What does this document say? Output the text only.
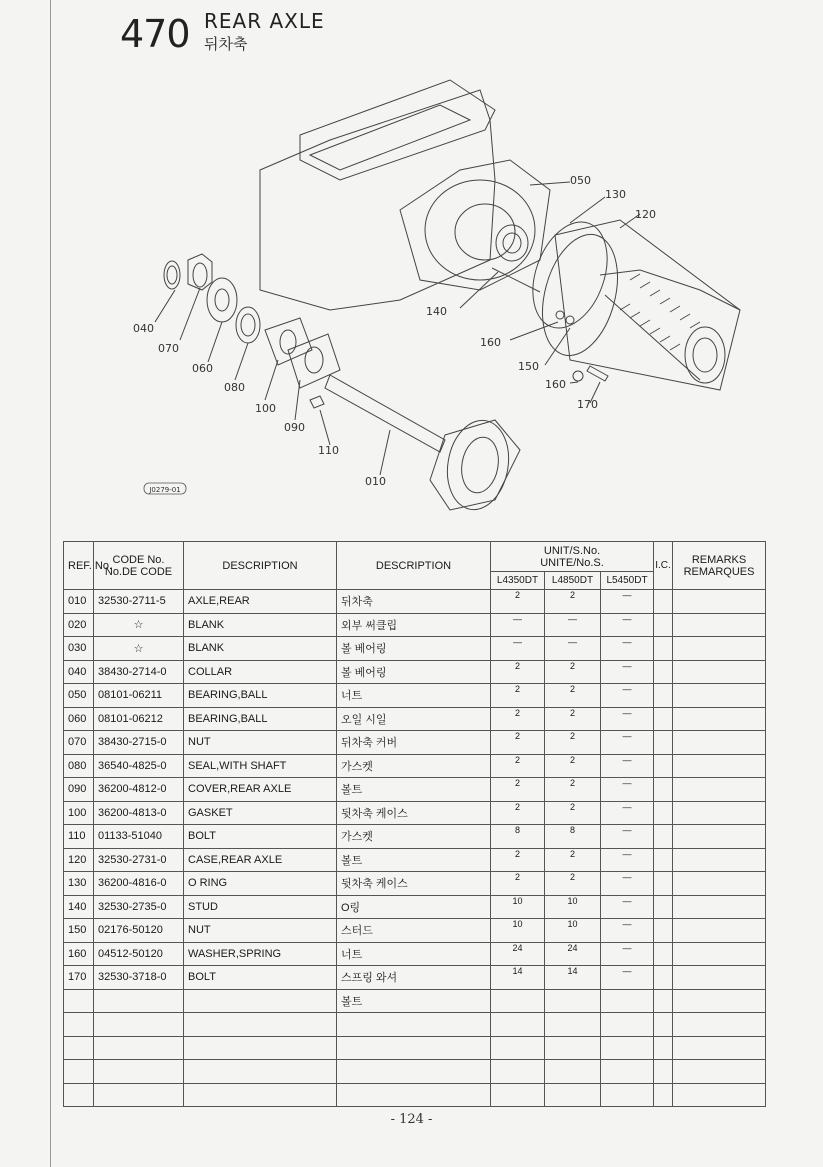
470 REAR AXLE
뒤차축
050
130
120
040
070
060
080
100
090
110
140
160
150
160
170
010
J0279-01
REF. No.	CODE No.
No.DE CODE	DESCRIPTION	DESCRIPTION	UNIT/S.No.
UNITE/No.S.			I.C.	REMARKS
REMARQUES
				L4350DT	L4850DT	L5450DT		
010	32530-2711-5	AXLE,REAR	뒤차축	2	2	—		
020	☆	BLANK	외부 써클립	—	—	—		
030	☆	BLANK	볼 베어링	—	—	—		
040	38430-2714-0	COLLAR	볼 베어링	2	2	—		
050	08101-06211	BEARING,BALL	너트	2	2	—		
060	08101-06212	BEARING,BALL	오일 시일	2	2	—		
070	38430-2715-0	NUT	뒤차축 커버	2	2	—		
080	36540-4825-0	SEAL,WITH SHAFT	가스켓	2	2	—		
090	36200-4812-0	COVER,REAR AXLE	볼트	2	2	—		
100	36200-4813-0	GASKET	뒷차축 케이스	2	2	—		
110	01133-51040	BOLT	가스켓	8	8	—		
120	32530-2731-0	CASE,REAR AXLE	볼트	2	2	—		
130	36200-4816-0	O RING	뒷차축 케이스	2	2	—		
140	32530-2735-0	STUD	O링	10	10	—		
150	02176-50120	NUT	스터드	10	10	—		
160	04512-50120	WASHER,SPRING	너트	24	24	—		
170	32530-3718-0	BOLT	스프링 와셔	14	14	—		
			볼트					

- 124 -
